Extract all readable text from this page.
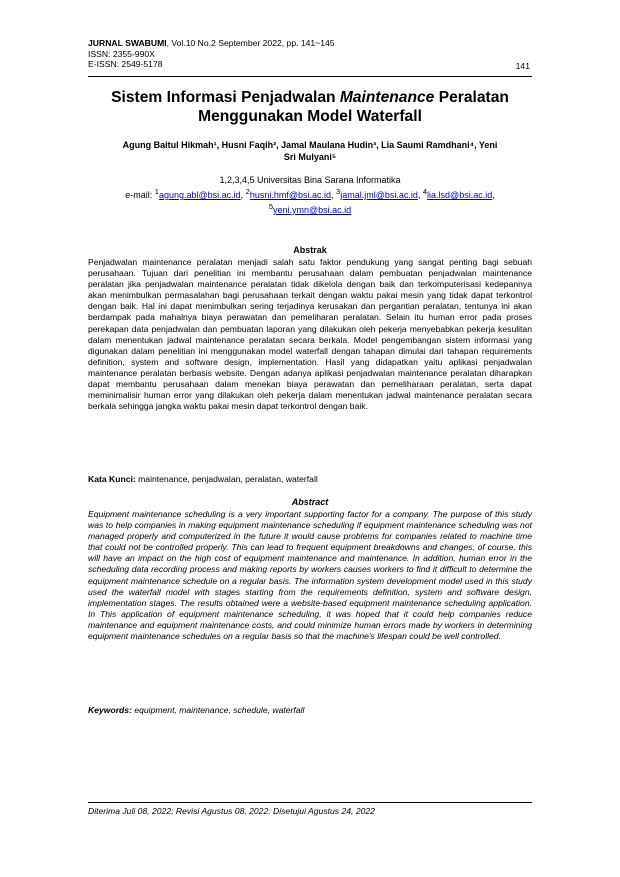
JURNAL SWABUMI, Vol.10 No.2 September 2022, pp. 141~145
ISSN: 2355-990X
E-ISSN: 2549-5178	141
Sistem Informasi Penjadwalan Maintenance Peralatan
Menggunakan Model Waterfall
Agung Baitul Hikmah¹, Husni Faqih², Jamal Maulana Hudin³, Lia Saumi Ramdhani⁴, Yeni
Sri Mulyani⁵
1,2,3,4,5 Universitas Bina Sarana Informatika
e-mail: $^1$agung.abl@bsi.ac.id, $^2$husni.hmf@bsi.ac.id, $^3$jamal.jml@bsi.ac.id, $^4$lia.lsd@bsi.ac.id,
$^5$yeni.ymn@bsi.ac.id
Abstrak
Penjadwalan maintenance peralatan menjadi salah satu faktor pendukung yang sangat penting bagi sebuah perusahaan. Tujuan dari penelitian ini membantu perusahaan dalam pembuatan penjadwalan maintenance peralatan jika penjadwalan maintenance peralatan tidak dikelola dengan baik dan terkomputerisasi kedepannya akan menimbulkan permasalahan bagi perusahaan terkait dengan waktu pakai mesin yang tidak dapat terkontrol dengan baik. Hal ini dapat menimbulkan sering terjadinya kerusakan dan pergantian peralatan, tentunya ini akan berdampak pada mahalnya biaya perawatan dan pemeliharan peralatan. Selain itu human error pada proses perekapan data penjadwalan dan pembuatan laporan yang dilakukan oleh pekerja menyebabkan pekerja kesulitan dalam menentukan jadwal maintenance peralatan secara berkala. Model pengembangan sistem informasi yang digunakan dalam penelitian ini menggunakan model waterfall dengan tahapan dimulai dari tahapan requirements definition, system and software design, implementation. Hasil yang didapatkan yaitu aplikasi penjadwalan maintenance peralatan berbasis website. Dengan adanya aplikasi penjadwalan maintenance peralatan diharapkan dapat membantu perusahaan dalam menekan biaya perawatan dan pemeliharaan peralatan, serta dapat meminimalisir human error yang dilakukan oleh pekerja dalam menentukan jadwal maintenance peralatan secara berkala sehingga jangka waktu pakai mesin dapat terkontrol dengan baik.
Kata Kunci: maintenance, penjadwalan, peralatan, waterfall
Abstract
Equipment maintenance scheduling is a very important supporting factor for a company. The purpose of this study was to help companies in making equipment maintenance scheduling if equipment maintenance scheduling was not managed properly and computerized in the future it would cause problems for companies related to machine time that could not be controlled properly. This can lead to frequent equipment breakdowns and changes, of course, this will have an impact on the high cost of equipment maintenance and maintenance. In addition, human error in the scheduling data recording process and making reports by workers causes workers to find it difficult to determine the equipment maintenance schedule on a regular basis. The information system development model used in this study used the waterfall model with stages starting from the requirements definition, system and software design, implementation stages. The results obtained were a website-based equipment maintenance scheduling application. In This application of equipment maintenance scheduling, it was hoped that it could help companies reduce maintenance and equipment maintenance costs, and could minimize human errors made by workers in determining equipment maintenance schedules on a regular basis so that the machine's lifespan could be well controlled.
Keywords: equipment, maintenance, schedule, waterfall
Diterima Juli 08, 2022; Revisi Agustus 08, 2022; Disetujui Agustus 24, 2022
